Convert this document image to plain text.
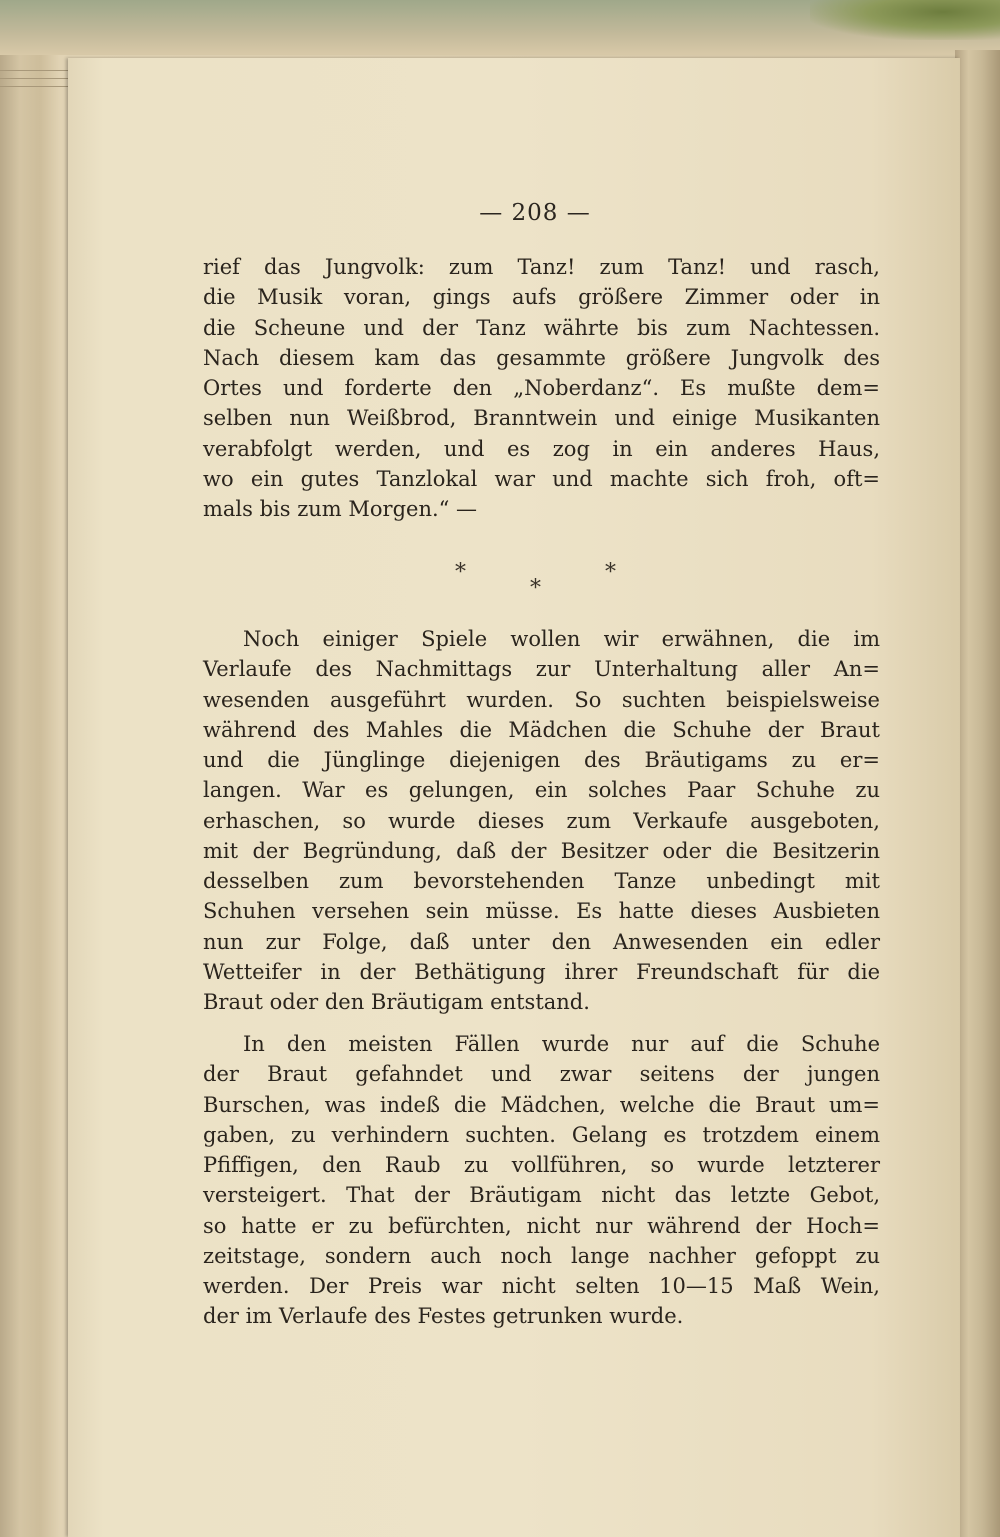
— 208 —
rief das Jungvolk: zum Tanz! zum Tanz! und rasch,
die Musik voran, gings aufs größere Zimmer oder in
die Scheune und der Tanz währte bis zum Nachtessen.
Nach diesem kam das gesammte größere Jungvolk des
Ortes und forderte den „Noberdanz“. Es mußte dem=
selben nun Weißbrod, Branntwein und einige Musikanten
verabfolgt werden, und es zog in ein anderes Haus,
wo ein gutes Tanzlokal war und machte sich froh, oft=
mals bis zum Morgen.“ —
*
*
*
Noch einiger Spiele wollen wir erwähnen, die im
Verlaufe des Nachmittags zur Unterhaltung aller An=
wesenden ausgeführt wurden. So suchten beispielsweise
während des Mahles die Mädchen die Schuhe der Braut
und die Jünglinge diejenigen des Bräutigams zu er=
langen. War es gelungen, ein solches Paar Schuhe zu
erhaschen, so wurde dieses zum Verkaufe ausgeboten,
mit der Begründung, daß der Besitzer oder die Besitzerin
desselben zum bevorstehenden Tanze unbedingt mit
Schuhen versehen sein müsse. Es hatte dieses Ausbieten
nun zur Folge, daß unter den Anwesenden ein edler
Wetteifer in der Bethätigung ihrer Freundschaft für die
Braut oder den Bräutigam entstand.
In den meisten Fällen wurde nur auf die Schuhe
der Braut gefahndet und zwar seitens der jungen
Burschen, was indeß die Mädchen, welche die Braut um=
gaben, zu verhindern suchten. Gelang es trotzdem einem
Pfiffigen, den Raub zu vollführen, so wurde letzterer
versteigert. That der Bräutigam nicht das letzte Gebot,
so hatte er zu befürchten, nicht nur während der Hoch=
zeitstage, sondern auch noch lange nachher gefoppt zu
werden. Der Preis war nicht selten 10—15 Maß Wein,
der im Verlaufe des Festes getrunken wurde.
